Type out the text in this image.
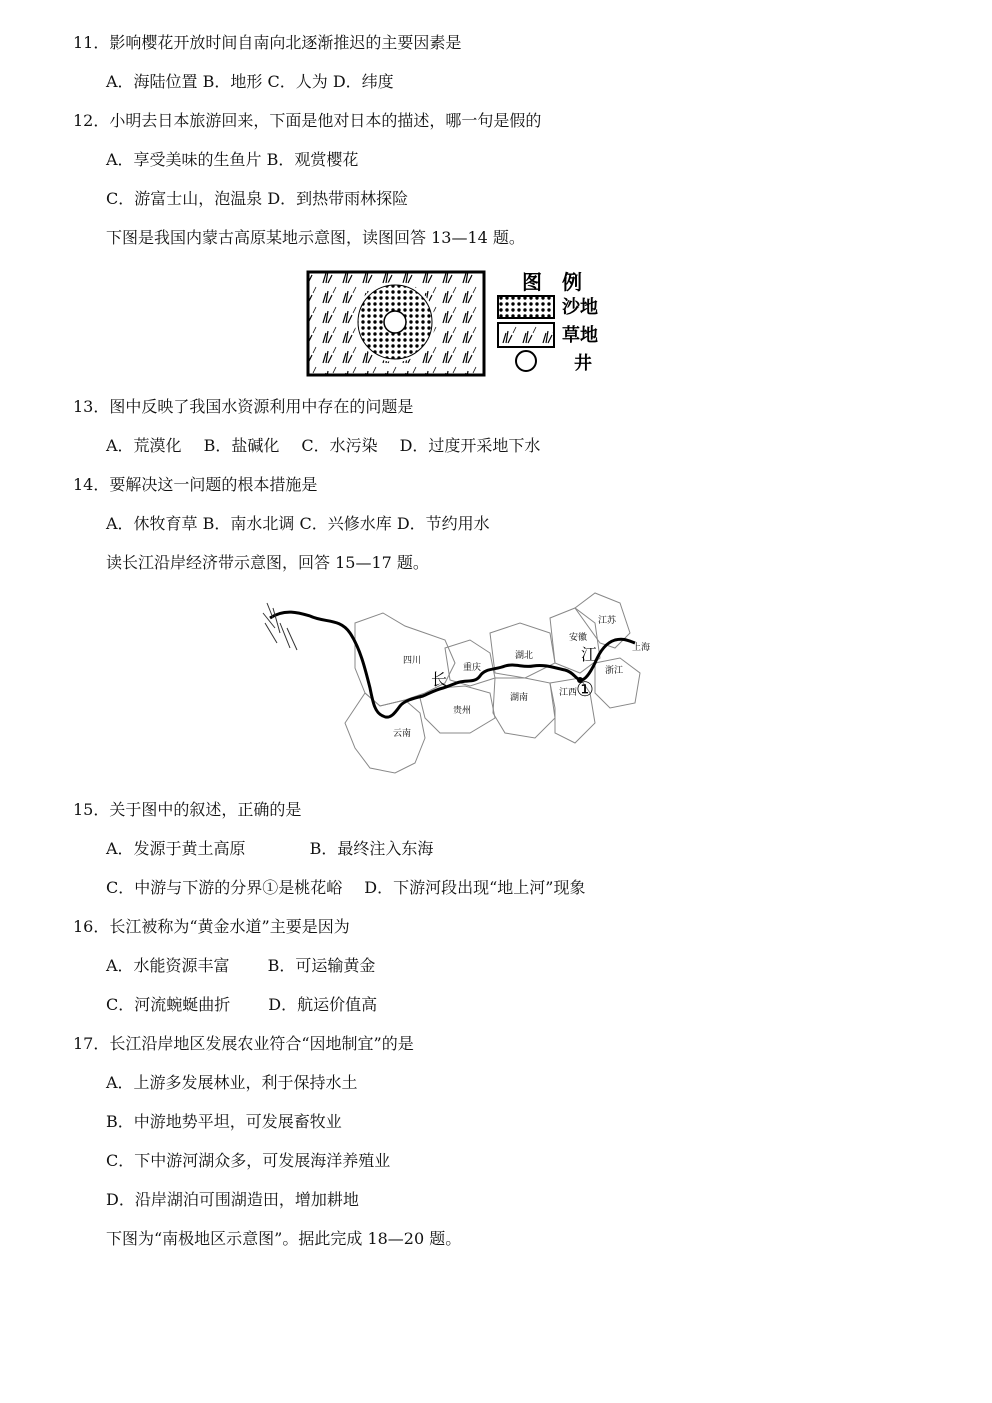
11．影响樱花开放时间自南向北逐渐推迟的主要因素是
A．海陆位置 B．地形 C．人为 D．纬度
12．小明去日本旅游回来，下面是他对日本的描述，哪一句是假的
A．享受美味的生鱼片 B．观赏樱花
C．游富士山，泡温泉 D．到热带雨林探险
下图是我国内蒙古高原某地示意图，读图回答 13—14 题。
图　例
沙地
草地
井
13．图中反映了我国水资源利用中存在的问题是
A．荒漠化 B．盐碱化 C．水污染 D．过度开采地下水
14．要解决这一问题的根本措施是
A．休牧育草 B．南水北调 C．兴修水库 D．节约用水
读长江沿岸经济带示意图，回答 15—17 题。
四川
重庆
湖北
安徽
江苏
上海
浙江
江西
湖南
贵州
云南
长
江
①
15．关于图中的叙述，正确的是
A．发源于黄土高原	B．最终注入东海
C．中游与下游的分界①是桃花峪 D．下游河段出现“地上河”现象
16．长江被称为“黄金水道”主要是因为
A．水能资源丰富 B．可运输黄金
C．河流蜿蜒曲折 D．航运价值高
17．长江沿岸地区发展农业符合“因地制宜”的是
A．上游多发展林业，利于保持水土
B．中游地势平坦，可发展畜牧业
C．下中游河湖众多，可发展海洋养殖业
D．沿岸湖泊可围湖造田，增加耕地
下图为“南极地区示意图”。据此完成 18—20 题。
